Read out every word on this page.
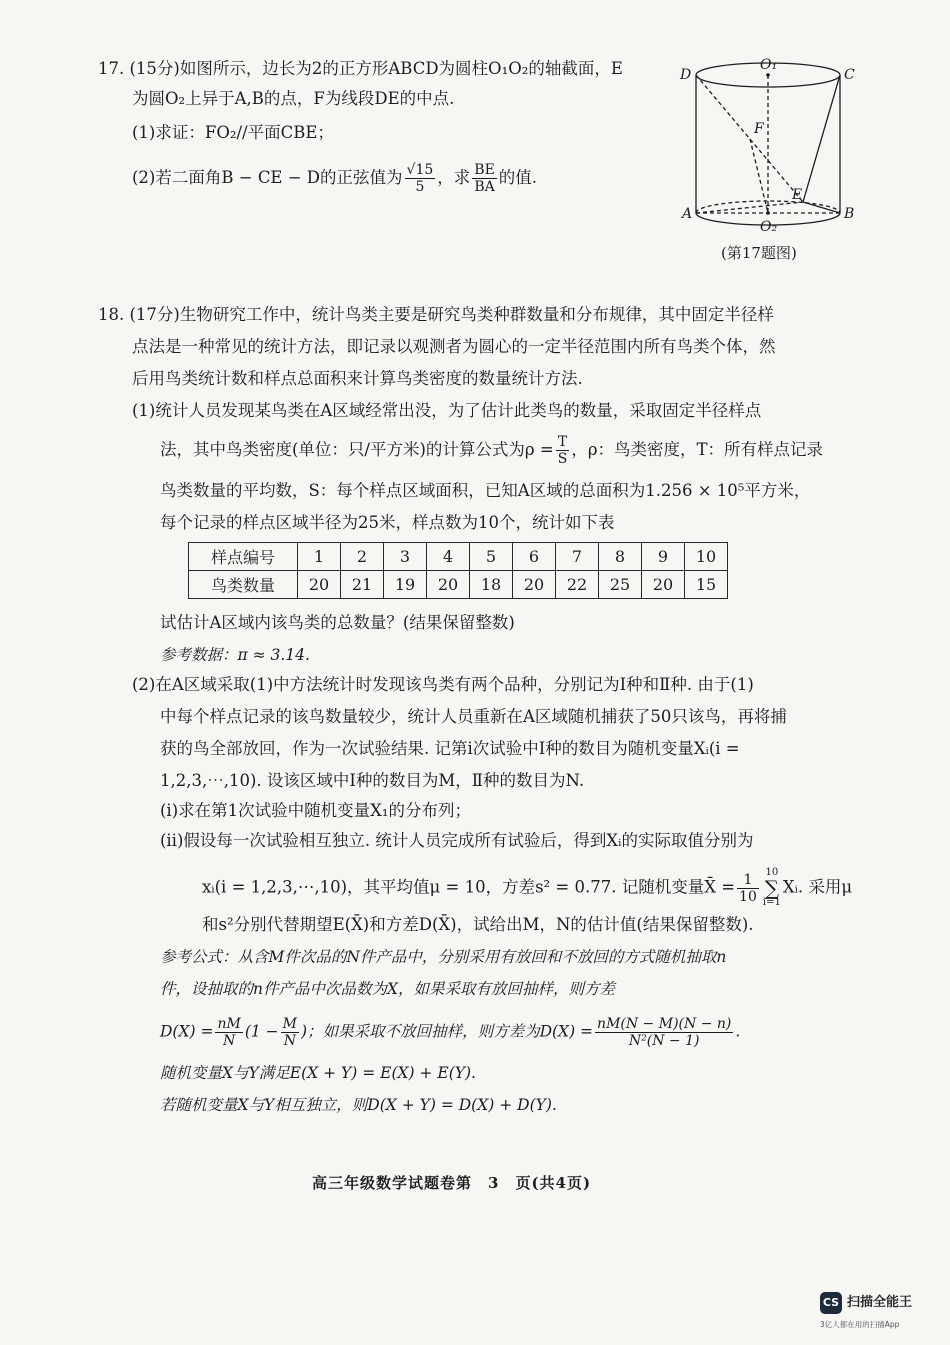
17. (15分)如图所示，边长为2的正方形ABCD为圆柱O₁O₂的轴截面，E
为圆O₂上异于A,B的点，F为线段DE的中点.
(1)求证：FO₂//平面CBE；
(2)若二面角B − CE − D的正弦值为 $\frac{√15}{5}$ ，求 $\frac{BE}{BA}$ 的值.
D
O₁
C
F
E
A
O₂
B
(第17题图)
18. (17分)生物研究工作中，统计鸟类主要是研究鸟类种群数量和分布规律，其中固定半径样
点法是一种常见的统计方法，即记录以观测者为圆心的一定半径范围内所有鸟类个体，然
后用鸟类统计数和样点总面积来计算鸟类密度的数量统计方法.
(1)统计人员发现某鸟类在A区域经常出没，为了估计此类鸟的数量，采取固定半径样点
法，其中鸟类密度(单位：只/平方米)的计算公式为$\rho = \frac{T}{S}$ ，ρ：鸟类密度，T：所有样点记录
鸟类数量的平均数，S：每个样点区域面积，已知A区域的总面积为1.256 × 10⁵平方米，
每个记录的样点区域半径为25米，样点数为10个，统计如下表
样点编号	1	2	3	4	5	6	7	8	9	10
鸟类数量	20	21	19	20	18	20	22	25	20	15
试估计A区域内该鸟类的总数量？(结果保留整数)
参考数据：π ≈ 3.14.
(2)在A区域采取(1)中方法统计时发现该鸟类有两个品种，分别记为Ⅰ种和Ⅱ种. 由于(1)
中每个样点记录的该鸟数量较少，统计人员重新在A区域随机捕获了50只该鸟，再将捕
获的鸟全部放回，作为一次试验结果. 记第i次试验中Ⅰ种的数目为随机变量Xᵢ(i =
1,2,3,⋯,10). 设该区域中Ⅰ种的数目为M，Ⅱ种的数目为N.
(ⅰ)求在第1次试验中随机变量X₁的分布列；
(ⅱ)假设每一次试验相互独立. 统计人员完成所有试验后，得到Xᵢ的实际取值分别为
xᵢ(i = 1,2,3,⋯,10)，其平均值μ = 10，方差s² = 0.77. 记随机变量X̄ = $\frac{1}{10} 10$
∑
i=1Xᵢ. 采用μ
和s²分别代替期望E(X̄)和方差D(X̄)，试给出M，N的估计值(结果保留整数).
参考公式：从含M件次品的N件产品中，分别采用有放回和不放回的方式随机抽取n
件，设抽取的n件产品中次品数为X，如果采取有放回抽样，则方差
$D(X) = \frac{nM}{N} (1 - \frac{M}{N}$ )；如果采取不放回抽样，则方差为$D(X) = \frac{nM(N - M)(N - n)}{\text{N²(N − 1)}}$ .
随机变量X与Y满足E(X + Y) = E(X) + E(Y).
若随机变量X与Y相互独立，则D(X + Y) = D(X) + D(Y).
高三年级数学试题卷第　3　页(共4页)
CS 扫描全能王
3亿人都在用的扫描App
